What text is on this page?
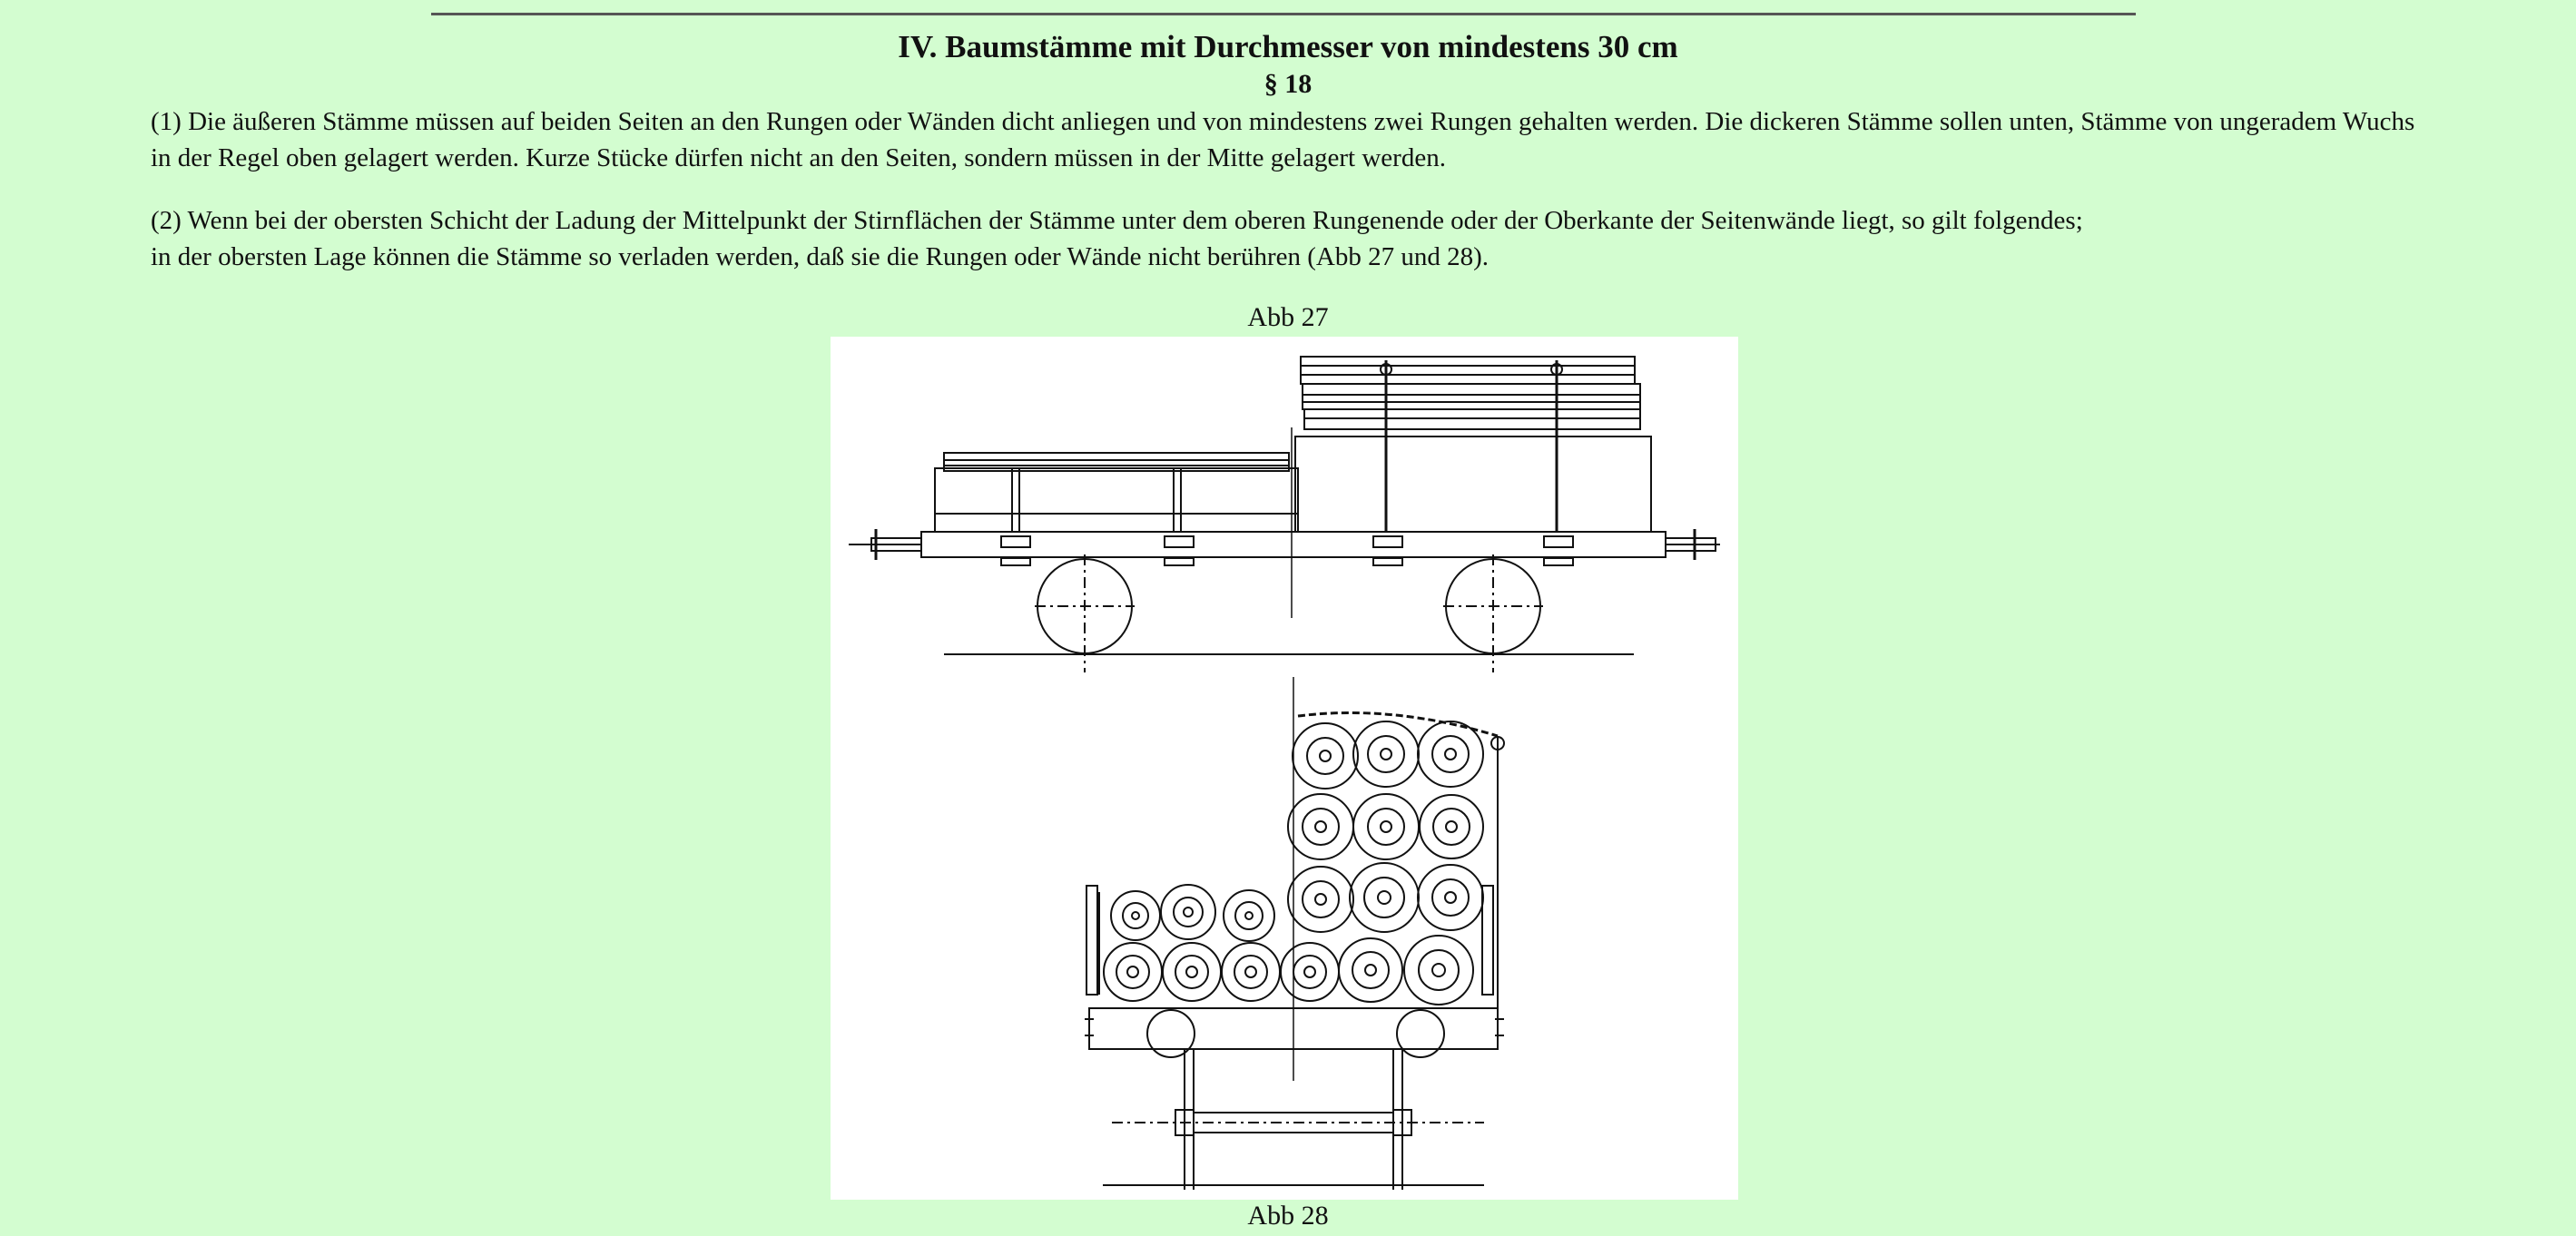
IV. Baumstämme mit Durchmesser von mindestens 30 cm
§ 18

(1) Die äußeren Stämme müssen auf beiden Seiten an den Rungen oder Wänden dicht anliegen und von mindestens zwei Rungen gehalten werden. Die dickeren Stämme sollen unten, Stämme von ungeradem Wuchs in der Regel oben gelagert werden. Kurze Stücke dürfen nicht an den Seiten, sondern müssen in der Mitte gelagert werden.

(2) Wenn bei der obersten Schicht der Ladung der Mittelpunkt der Stirnflächen der Stämme unter dem oberen Rungenende oder der Oberkante der Seitenwände liegt, so gilt folgendes;
in der obersten Lage können die Stämme so verladen werden, daß sie die Rungen oder Wände nicht berühren (Abb 27 und 28).
Abb 27
Abb 28
